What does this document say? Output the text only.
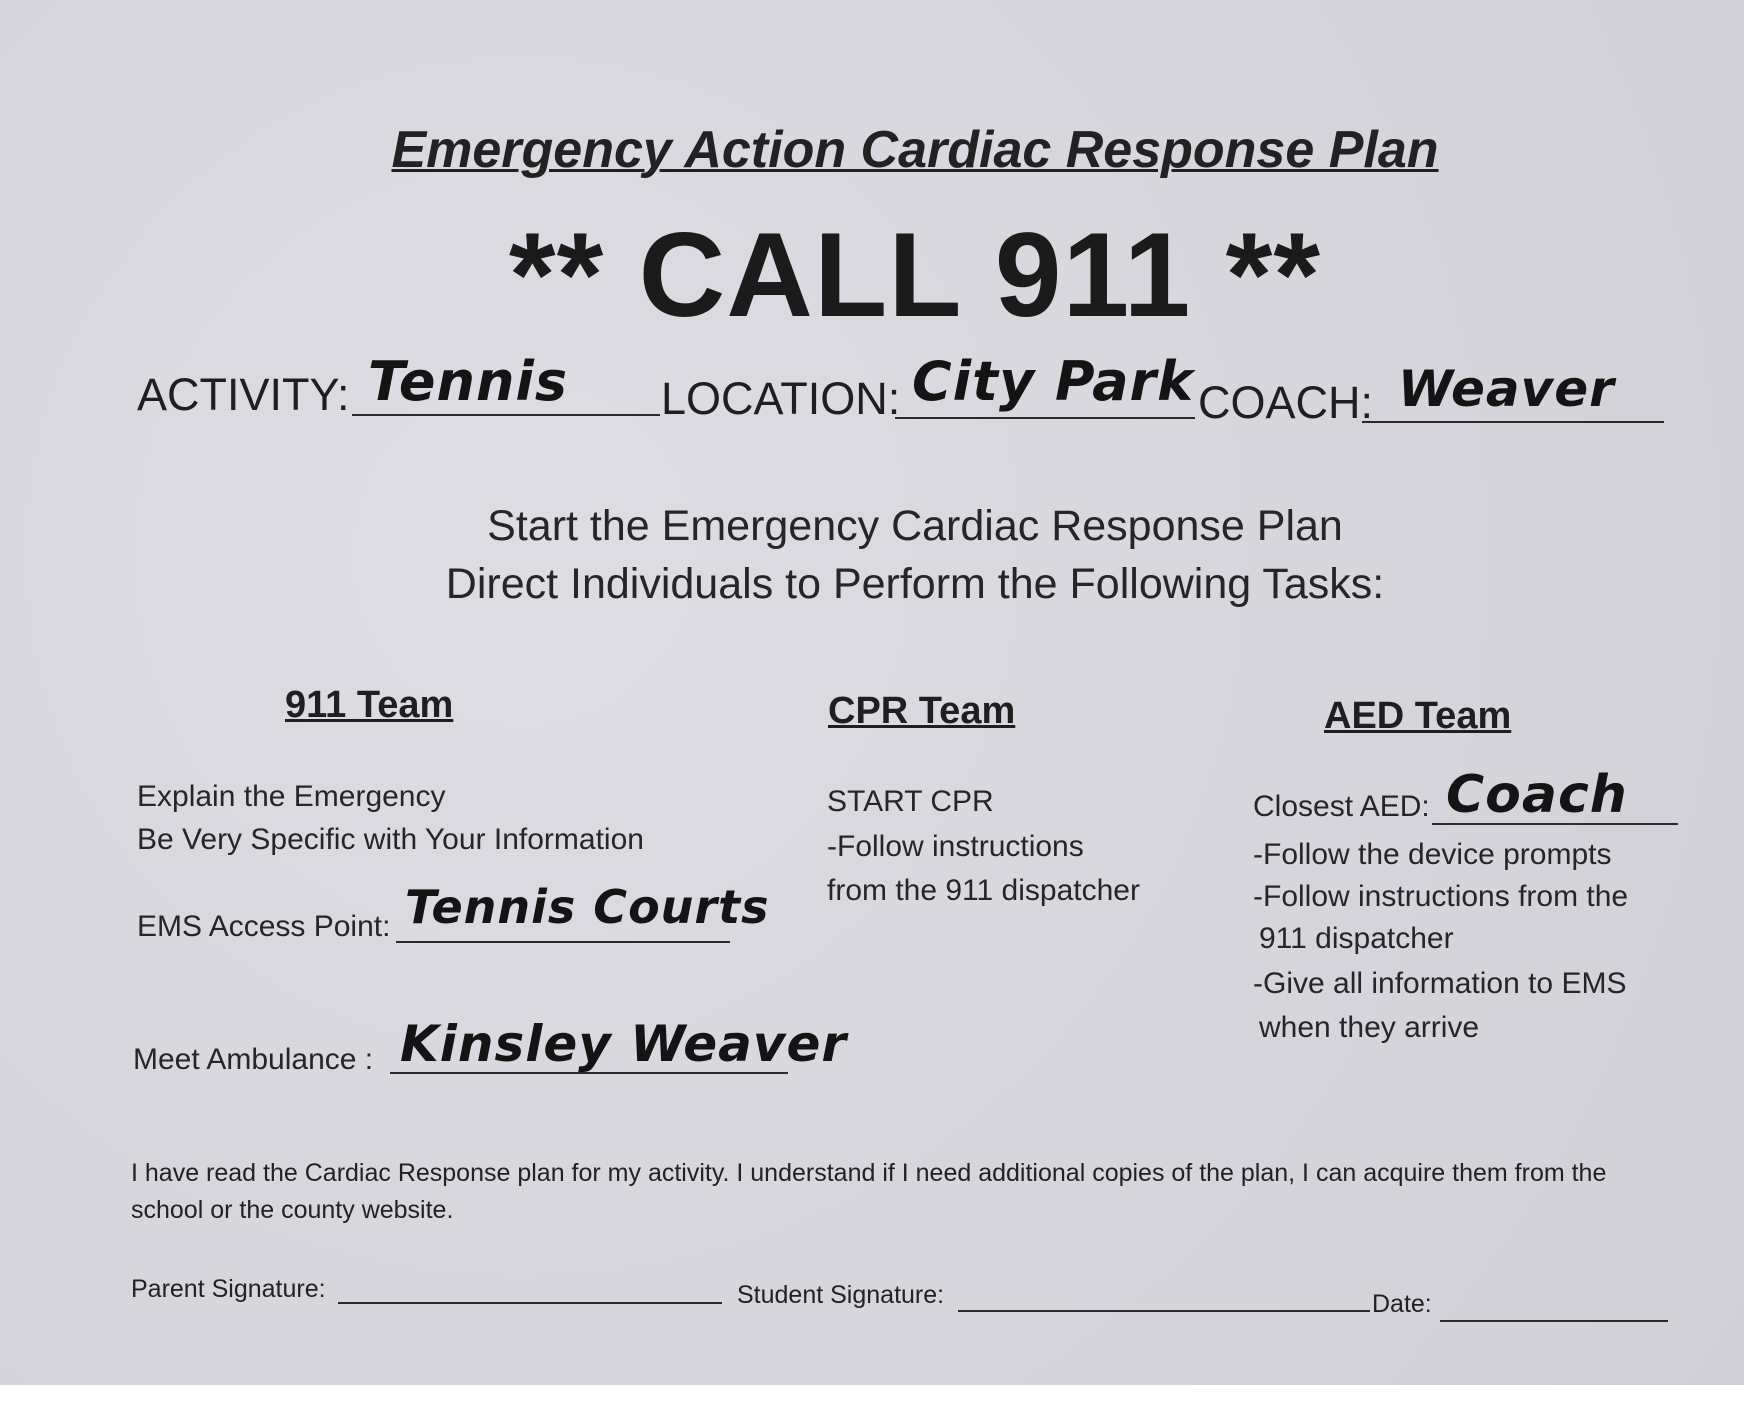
Emergency Action Cardiac Response Plan
** CALL 911 **
ACTIVITY: Tennis LOCATION: City Park COACH: Weaver
Start the Emergency Cardiac Response Plan
Direct Individuals to Perform the Following Tasks:
911 Team
Explain the Emergency
Be Very Specific with Your Information
EMS Access Point: Tennis Courts
Meet Ambulance : Kinsley Weaver
CPR Team
START CPR
-Follow instructions
from the 911 dispatcher
AED Team
Closest AED: Coach
-Follow the device prompts
-Follow instructions from the
911 dispatcher
-Give all information to EMS
when they arrive
I have read the Cardiac Response plan for my activity. I understand if I need additional copies of the plan, I can acquire them from the
school or the county website.
Parent Signature:	Student Signature:	Date:
